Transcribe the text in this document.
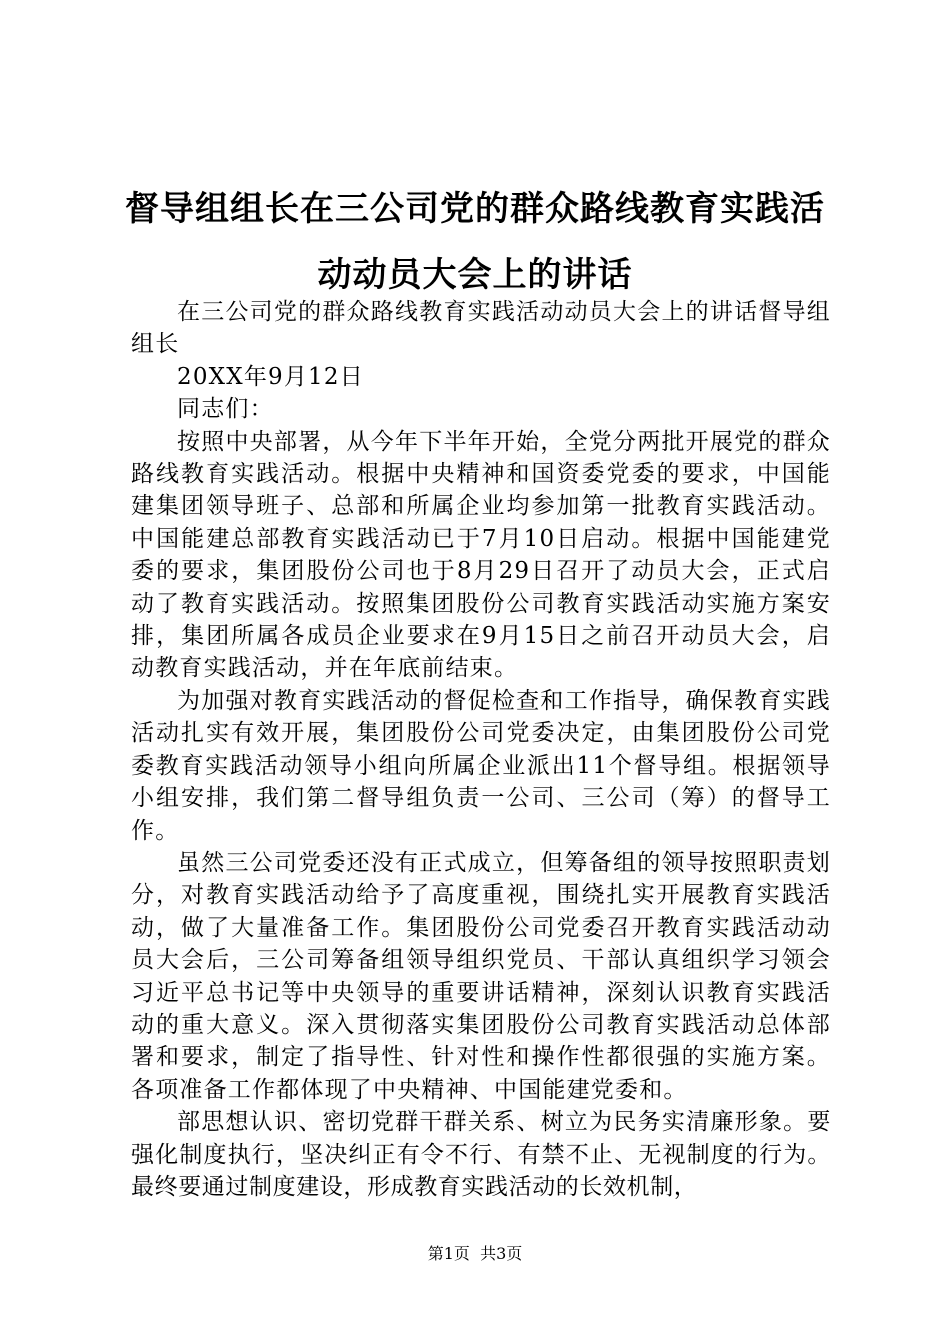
督导组组长在三公司党的群众路线教育实践活
动动员大会上的讲话

在三公司党的群众路线教育实践活动动员大会上的讲话督导组组长

20XX年9月12日

同志们：

按照中央部署，从今年下半年开始，全党分两批开展党的群众路线教育实践活动。根据中央精神和国资委党委的要求，中国能建集团领导班子、总部和所属企业均参加第一批教育实践活动。中国能建总部教育实践活动已于7月10日启动。根据中国能建党委的要求，集团股份公司也于8月29日召开了动员大会，正式启动了教育实践活动。按照集团股份公司教育实践活动实施方案安排，集团所属各成员企业要求在9月15日之前召开动员大会，启动教育实践活动，并在年底前结束。

为加强对教育实践活动的督促检查和工作指导，确保教育实践活动扎实有效开展，集团股份公司党委决定，由集团股份公司党委教育实践活动领导小组向所属企业派出11个督导组。根据领导小组安排，我们第二督导组负责一公司、三公司（筹）的督导工作。

虽然三公司党委还没有正式成立，但筹备组的领导按照职责划分，对教育实践活动给予了高度重视，围绕扎实开展教育实践活动，做了大量准备工作。集团股份公司党委召开教育实践活动动员大会后，三公司筹备组领导组织党员、干部认真组织学习领会习近平总书记等中央领导的重要讲话精神，深刻认识教育实践活动的重大意义。深入贯彻落实集团股份公司教育实践活动总体部署和要求，制定了指导性、针对性和操作性都很强的实施方案。各项准备工作都体现了中央精神、中国能建党委和。

部思想认识、密切党群干群关系、树立为民务实清廉形象。要强化制度执行，坚决纠正有令不行、有禁不止、无视制度的行为。最终要通过制度建设，形成教育实践活动的长效机制，

第1页 共3页
